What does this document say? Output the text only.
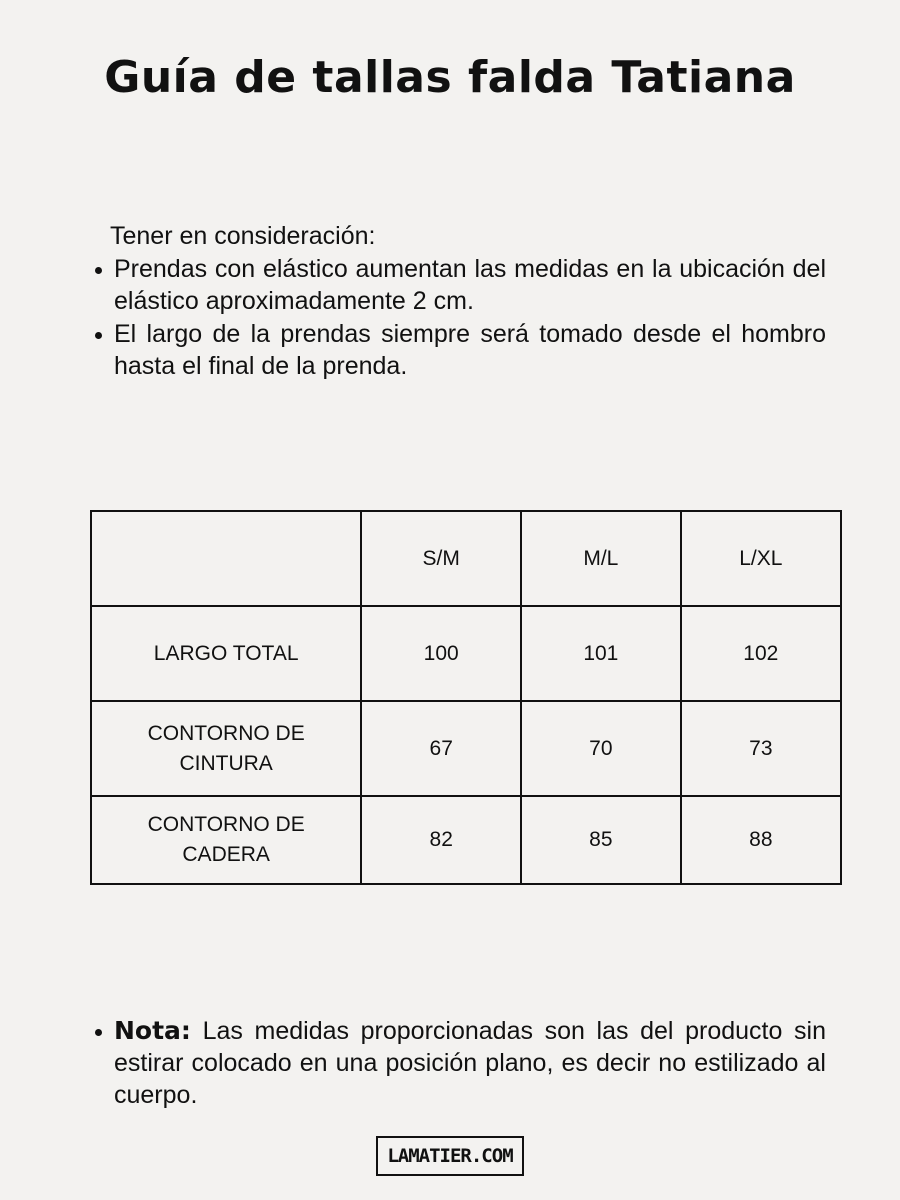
Guía de tallas falda Tatiana

Tener en consideración:

Prendas con elástico aumentan las medidas en la ubicación del elástico aproximadamente 2 cm.
El largo de la prendas siempre será tomado desde el hombro hasta el final de la prenda.
	S/M	M/L	L/XL
LARGO TOTAL	100	101	102
CONTORNO DE CINTURA	67	70	73
CONTORNO DE CADERA	82	85	88
Nota: Las medidas proporcionadas son las del producto sin estirar colocado en una posición plano, es decir no estilizado al cuerpo.
LAMATIER.COM
